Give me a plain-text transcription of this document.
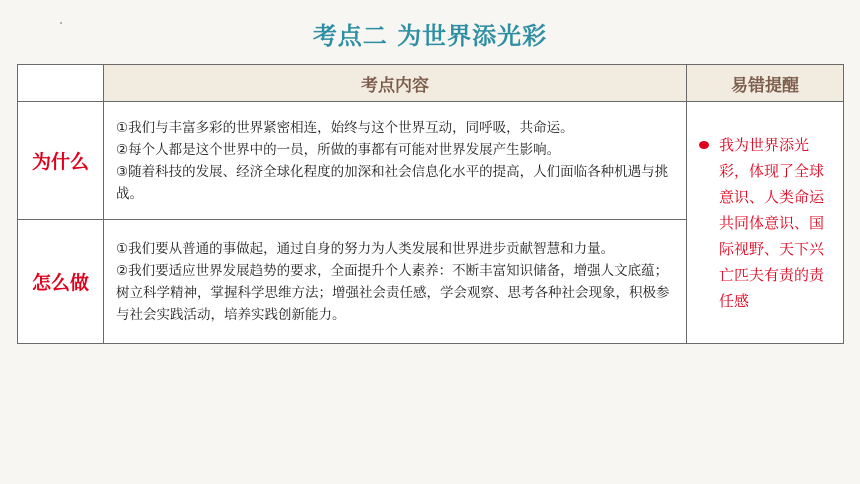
考点二 为世界添光彩
	考点内容	易错提醒
为什么	①我们与丰富多彩的世界紧密相连，始终与这个世界互动，同呼吸，共命运。

②每个人都是这个世界中的一员，所做的事都有可能对世界发展产生影响。

③随着科技的发展、经济全球化程度的加深和社会信息化水平的提高，人们面临各种机遇与挑战。	我为世界添光彩，体现了全球意识、人类命运共同体意识、国际视野、天下兴亡匹夫有责的责任感

怎么做	①我们要从普通的事做起，通过自身的努力为人类发展和世界进步贡献智慧和力量。

②我们要适应世界发展趋势的要求，全面提升个人素养：不断丰富知识储备，增强人文底蕴；树立科学精神，掌握科学思维方法；增强社会责任感，学会观察、思考各种社会现象，积极参与社会实践活动，培养实践创新能力。	
